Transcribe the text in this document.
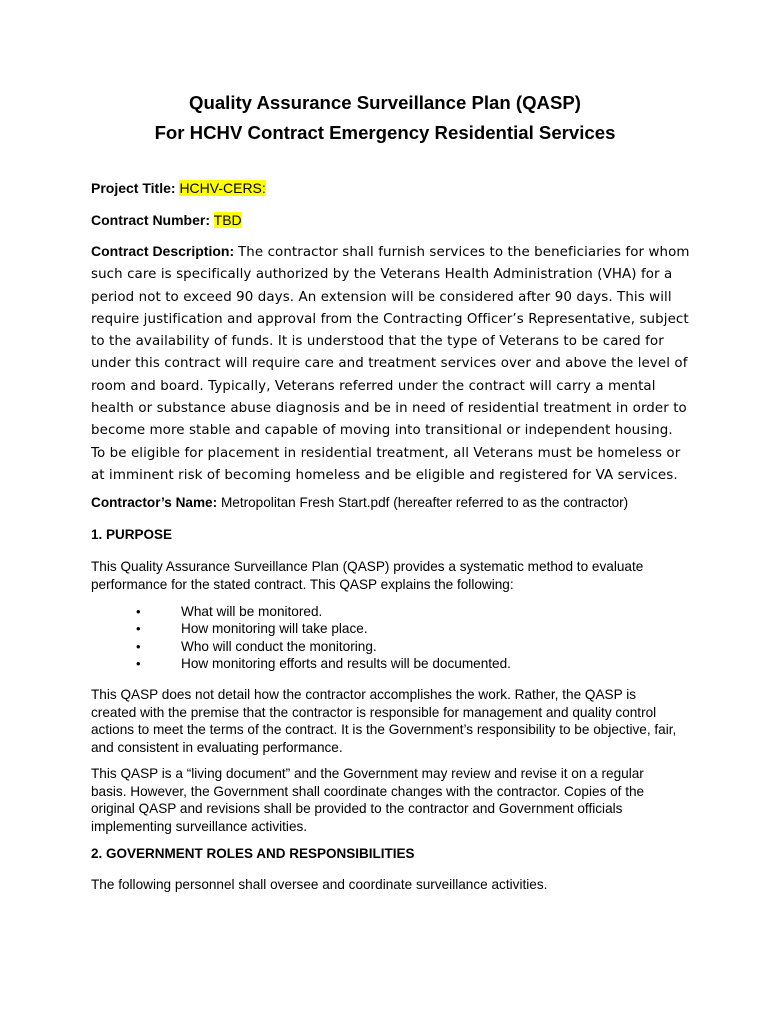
Quality Assurance Surveillance Plan (QASP)

For HCHV Contract Emergency Residential Services

Project Title: HCHV-CERS:
Contract Number: TBD
Contract Description: The contractor shall furnish services to the beneficiaries for whom such care is specifically authorized by the Veterans Health Administration (VHA) for a period not to exceed 90 days. An extension will be considered after 90 days. This will require justification and approval from the Contracting Officer’s Representative, subject to the availability of funds. It is understood that the type of Veterans to be cared for under this contract will require care and treatment services over and above the level of room and board. Typically, Veterans referred under the contract will carry a mental health or substance abuse diagnosis and be in need of residential treatment in order to become more stable and capable of moving into transitional or independent housing. To be eligible for placement in residential treatment, all Veterans must be homeless or at imminent risk of becoming homeless and be eligible and registered for VA services.
Contractor’s Name: Metropolitan Fresh Start.pdf (hereafter referred to as the contractor)
1. PURPOSE
This Quality Assurance Surveillance Plan (QASP) provides a systematic method to evaluate performance for the stated contract. This QASP explains the following:
•	What will be monitored.
•	How monitoring will take place.
•	Who will conduct the monitoring.
•	How monitoring efforts and results will be documented.
This QASP does not detail how the contractor accomplishes the work. Rather, the QASP is created with the premise that the contractor is responsible for management and quality control actions to meet the terms of the contract. It is the Government’s responsibility to be objective, fair, and consistent in evaluating performance.
This QASP is a “living document” and the Government may review and revise it on a regular basis. However, the Government shall coordinate changes with the contractor. Copies of the original QASP and revisions shall be provided to the contractor and Government officials implementing surveillance activities.
2. GOVERNMENT ROLES AND RESPONSIBILITIES
The following personnel shall oversee and coordinate surveillance activities.
